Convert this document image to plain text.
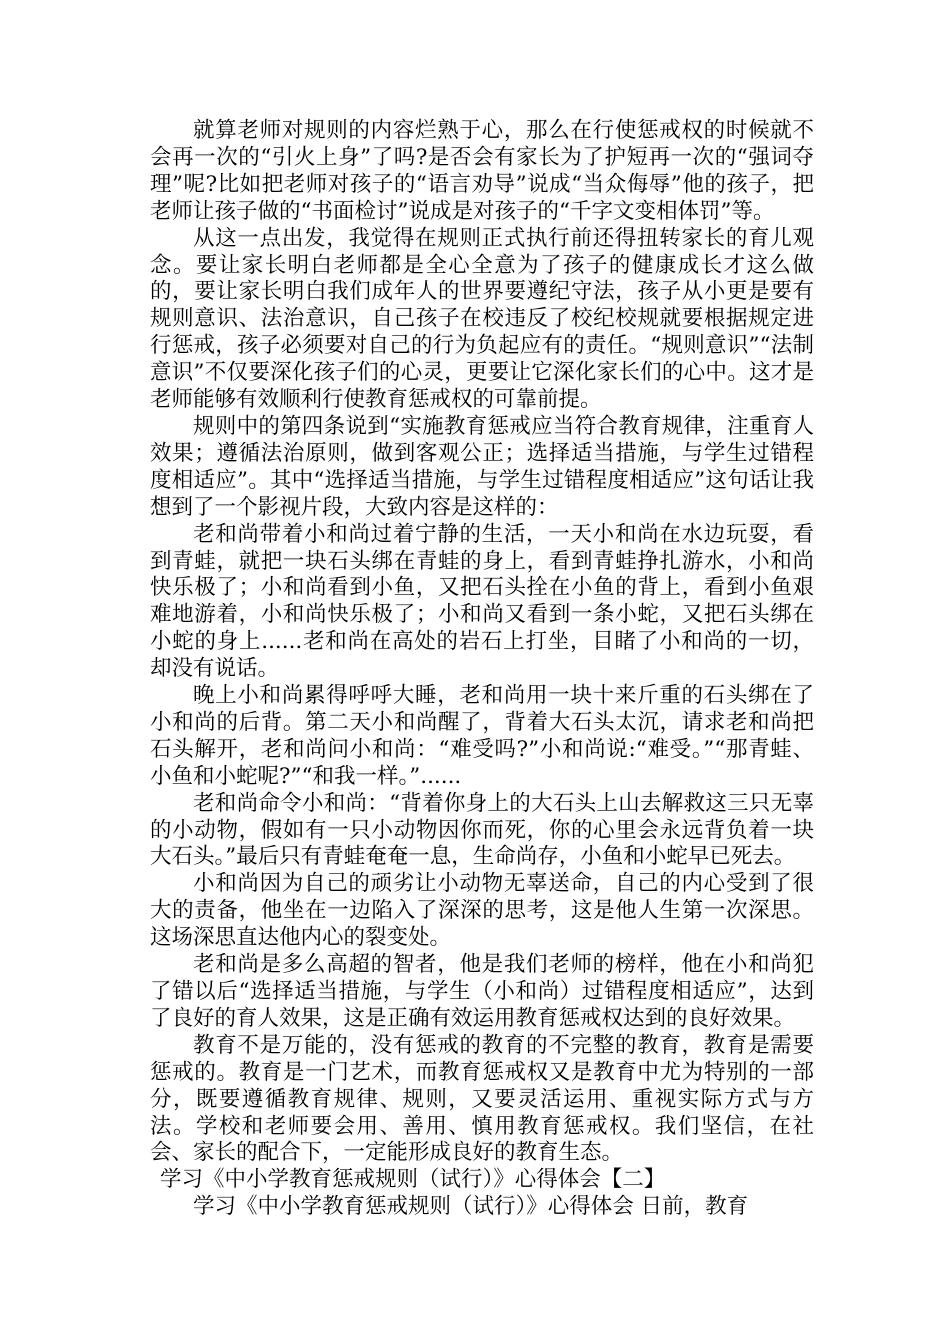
就算老师对规则的内容烂熟于心，那么在行使惩戒权的时候就不会再一次的“引火上身”了吗?是否会有家长为了护短再一次的“强词夺理”呢?比如把老师对孩子的“语言劝导”说成“当众侮辱”他的孩子，把老师让孩子做的“书面检讨”说成是对孩子的“千字文变相体罚”等。

从这一点出发，我觉得在规则正式执行前还得扭转家长的育儿观念。要让家长明白老师都是全心全意为了孩子的健康成长才这么做的，要让家长明白我们成年人的世界要遵纪守法，孩子从小更是要有规则意识、法治意识，自己孩子在校违反了校纪校规就要根据规定进行惩戒，孩子必须要对自己的行为负起应有的责任。“规则意识”“法制意识”不仅要深化孩子们的心灵，更要让它深化家长们的心中。这才是老师能够有效顺利行使教育惩戒权的可靠前提。

规则中的第四条说到“实施教育惩戒应当符合教育规律，注重育人效果；遵循法治原则，做到客观公正；选择适当措施，与学生过错程度相适应”。其中“选择适当措施，与学生过错程度相适应”这句话让我想到了一个影视片段，大致内容是这样的：

老和尚带着小和尚过着宁静的生活，一天小和尚在水边玩耍，看到青蛙，就把一块石头绑在青蛙的身上，看到青蛙挣扎游水，小和尚快乐极了；小和尚看到小鱼，又把石头拴在小鱼的背上，看到小鱼艰难地游着，小和尚快乐极了；小和尚又看到一条小蛇，又把石头绑在小蛇的身上......老和尚在高处的岩石上打坐，目睹了小和尚的一切，却没有说话。

晚上小和尚累得呼呼大睡，老和尚用一块十来斤重的石头绑在了小和尚的后背。第二天小和尚醒了，背着大石头太沉，请求老和尚把石头解开，老和尚问小和尚：“难受吗?”小和尚说:“难受。”“那青蛙、小鱼和小蛇呢?”“和我一样。”......

老和尚命令小和尚：“背着你身上的大石头上山去解救这三只无辜的小动物，假如有一只小动物因你而死，你的心里会永远背负着一块大石头。”最后只有青蛙奄奄一息，生命尚存，小鱼和小蛇早已死去。

小和尚因为自己的顽劣让小动物无辜送命，自己的内心受到了很大的责备，他坐在一边陷入了深深的思考，这是他人生第一次深思。这场深思直达他内心的裂变处。

老和尚是多么高超的智者，他是我们老师的榜样，他在小和尚犯了错以后“选择适当措施，与学生（小和尚）过错程度相适应”，达到了良好的育人效果，这是正确有效运用教育惩戒权达到的良好效果。

教育不是万能的，没有惩戒的教育的不完整的教育，教育是需要惩戒的。教育是一门艺术，而教育惩戒权又是教育中尤为特别的一部分，既要遵循教育规律、规则，又要灵活运用、重视实际方式与方法。学校和老师要会用、善用、慎用教育惩戒权。我们坚信，在社会、家长的配合下，一定能形成良好的教育生态。

学习《中小学教育惩戒规则（试行）》心得体会【二】

学习《中小学教育惩戒规则（试行）》心得体会 日前，教育
